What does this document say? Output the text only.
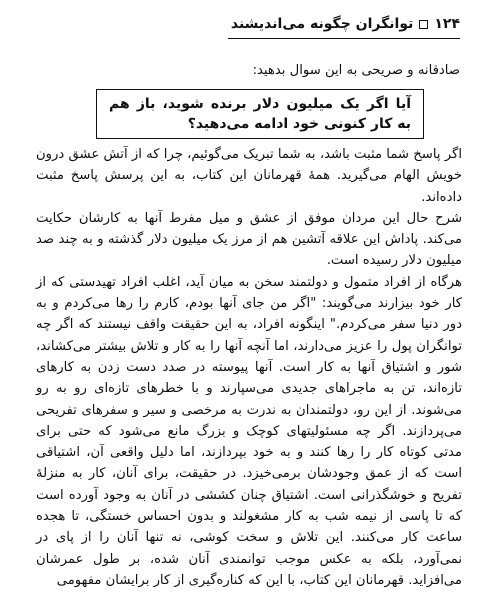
۱۲۴
توانگران چگونه می‌اندیشند
صادقانه و صریحی به این سوال بدهید:
آیا اگر یک میلیون دلار برنده شوید، باز هم به کار کنونی خود ادامه می‌دهید؟

اگر پاسخ شما مثبت باشد، به شما تبریک می‌گوئیم، چرا که از آتش عشق درون خویش الهام می‌گیرید. همهٔ قهرمانان این کتاب، به این پرسش پاسخ مثبت داده‌اند.

شرح حال این مردان موفق از عشق و میل مفرط آنها به کارشان حکایت می‌کند. پاداش این علاقه آتشین هم از مرز یک میلیون دلار گذشته و به چند صد میلیون دلار رسیده است.

هرگاه از افراد متمول و دولتمند سخن به میان آید، اغلب افراد تهیدستی که از کار خود بیزارند می‌گویند: "اگر من جای آنها بودم، کارم را رها می‌کردم و به دور دنیا سفر می‌کردم." اینگونه افراد، به این حقیقت واقف نیستند که اگر چه توانگران پول را عزیز می‌دارند، اما آنچه آنها را به کار و تلاش بیشتر می‌کشاند، شور و اشتیاق آنها به کار است. آنها پیوسته در صدد دست زدن به کارهای تازه‌اند، تن به ماجراهای جدیدی می‌سپارند و با خطرهای تازه‌ای رو به رو می‌شوند. از این رو، دولتمندان به ندرت به مرخصی و سیر و سفرهای تفریحی می‌پردازند. اگر چه مسئولیتهای کوچک و بزرگ مانع می‌شود که حتی برای مدتی کوتاه کار را رها کنند و به خود بپردازند، اما دلیل واقعی آن، اشتیاقی است که از عمق وجودشان برمی‌خیزد. در حقیقت، برای آنان، کار به منزلهٔ تفریح و خوشگذرانی است. اشتیاق چنان کششی در آنان به وجود آورده است که تا پاسی از نیمه شب به کار مشغولند و بدون احساس خستگی، تا هجده ساعت کار می‌کنند. این تلاش و سخت کوشی، نه تنها آنان را از پای در نمی‌آورد، بلکه به عکس موجب توانمندی آنان شده، بر طول عمرشان می‌افزاید. قهرمانان این کتاب، با این که کناره‌گیری از کار برایشان مفهومی
